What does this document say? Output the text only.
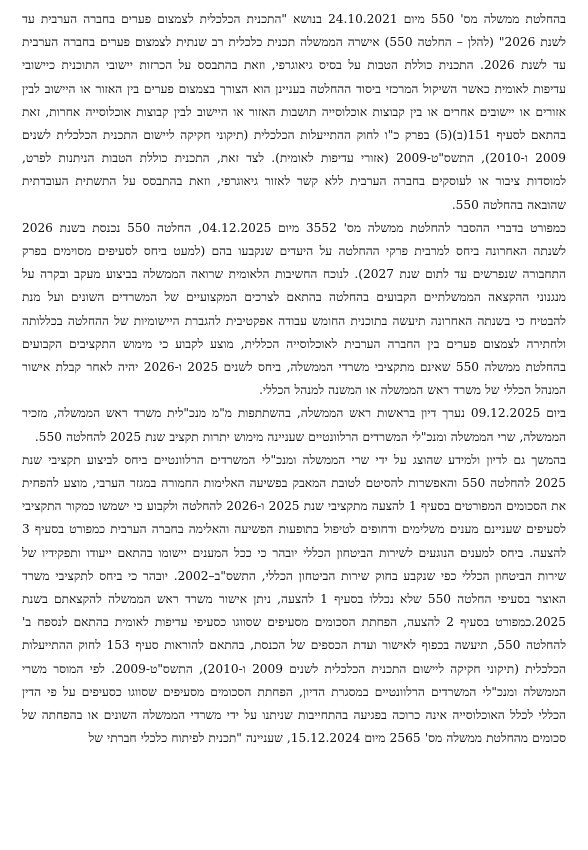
בהחלטת ממשלה מס' 550 מיום 24.10.2021 בנושא "התכנית הכלכלית לצמצום פערים בחברה הערבית עד לשנת 2026" (להלן – החלטה 550) אישרה הממשלה תכנית כלכלית רב שנתית לצמצום פערים בחברה הערבית עד לשנת 2026. התכנית כוללת הטבות על בסיס גיאוגרפי, וזאת בהתבסס על הכרזות יישובי התוכנית כיישובי עדיפות לאומית כאשר השיקול המרכזי ביסוד ההחלטה בעניינן הוא הצורך בצמצום פערים בין האזור או היישוב לבין אזורים או יישובים אחרים או בין קבוצות אוכלוסייה תושבות האזור או היישוב לבין קבוצות אוכלוסייה אחרות, זאת בהתאם לסעיף 151(ב)(5) בפרק כ"ו לחוק ההתייעלות הכלכלית (תיקוני חקיקה ליישום התכנית הכלכלית לשנים 2009 ו-2010), התשס"ט-2009 (אזורי עדיפות לאומית). לצד זאת, התכנית כוללת הטבות הניתנות לפרט, למוסדות ציבור או לעוסקים בחברה הערבית ללא קשר לאזור גיאוגרפי, וזאת בהתבסס על התשתית העובדתית שהובאה בהחלטה 550.

כמפורט בדברי ההסבר להחלטת ממשלה מס' 3552 מיום 04.12.2025, החלטה 550 נכנסת בשנת 2026 לשנתה האחרונה ביחס למרבית פרקי ההחלטה על היעדים שנקבעו בהם (למעט ביחס לסעיפים מסוימים בפרק התחבורה שנפרשים עד לתום שנת 2027). לנוכח החשיבות הלאומית שרואה הממשלה בביצוע מעקב ובקרה על מנגנוני ההקצאה הממשלתיים הקבועים בהחלטה בהתאם לצרכים המקצועיים של המשרדים השונים ועל מנת להבטיח כי בשנתה האחרונה תיעשה בתוכנית החומש עבודה אפקטיבית להגברת היישומיות של ההחלטה בכללותה ולחתירה לצמצום פערים בין החברה הערבית לאוכלוסייה הכללית, מוצע לקבוע כי מימוש התקציבים הקבועים בהחלטת ממשלה 550 שאינם מתקציבי משרדי הממשלה, ביחס לשנים 2025 ו-2026 יהיה לאחר קבלת אישור המנהל הכללי של משרד ראש הממשלה או המשנה למנהל הכללי.

ביום 09.12.2025 נערך דיון בראשות ראש הממשלה, בהשתתפות מ"מ מנכ"לית משרד ראש הממשלה, מזכיר הממשלה, שרי הממשלה ומנכ"לי המשרדים הרלוונטיים שעניינה מימוש יתרות תקציב שנת 2025 להחלטה 550.

בהמשך גם לדיון ולמידע שהוצג על ידי שרי הממשלה ומנכ"לי המשרדים הרלוונטיים ביחס לביצוע תקציבי שנת 2025 להחלטה 550 והאפשרות להסיטם לטובת המאבק בפשיעה האלימות החמורה במגזר הערבי, מוצע להפחית את הסכומים המפורטים בסעיף 1 להצעה מתקציבי שנת 2025 ו-2026 להחלטה ולקבוע כי ישמשו כמקור התקציבי לסעיפים שעניינם מענים משלימים ודחופים לטיפול בתופעות הפשיעה והאלימה בחברה הערבית כמפורט בסעיף 3 להצעה. ביחס למענים הנוגעים לשירות הביטחון הכללי יובהר כי ככל המענים יישומו בהתאם ייעודו ותפקידיו של שירות הביטחון הכללי כפי שנקבע בחוק שירות הביטחון הכללי, התשס"ב–2002. יובהר כי ביחס לתקציבי משרד האוצר בסעיפי החלטה 550 שלא נכללו בסעיף 1 להצעה, ניתן אישור משרד ראש הממשלה להקצאתם בשנת 2025.כמפורט בסעיף 2 להצעה, הפחתת הסכומים מסעיפים שסווגו כסעיפי עדיפות לאומית בהתאם לנספח ב' להחלטה 550, תיעשה בכפוף לאישור ועדת הכספים של הכנסת, בהתאם להוראות סעיף 153 לחוק ההתייעלות הכלכלית (תיקוני חקיקה ליישום התכנית הכלכלית לשנים 2009 ו-2010), התשס"ט-2009. לפי המוסר משרי הממשלה ומנכ"לי המשרדים הרלוונטיים במסגרת הדיון, הפחתת הסכומים מסעיפים שסווגו כסעיפים על פי הדין הכללי לכלל האוכלוסייה אינה כרוכה בפגיעה בהתחייבות שניתנו על ידי משרדי הממשלה השונים או בהפחתה של סכומים מהחלטת ממשלה מס' 2565 מיום 15.12.2024, שעניינה "תכנית לפיתוח כלכלי חברתי של
